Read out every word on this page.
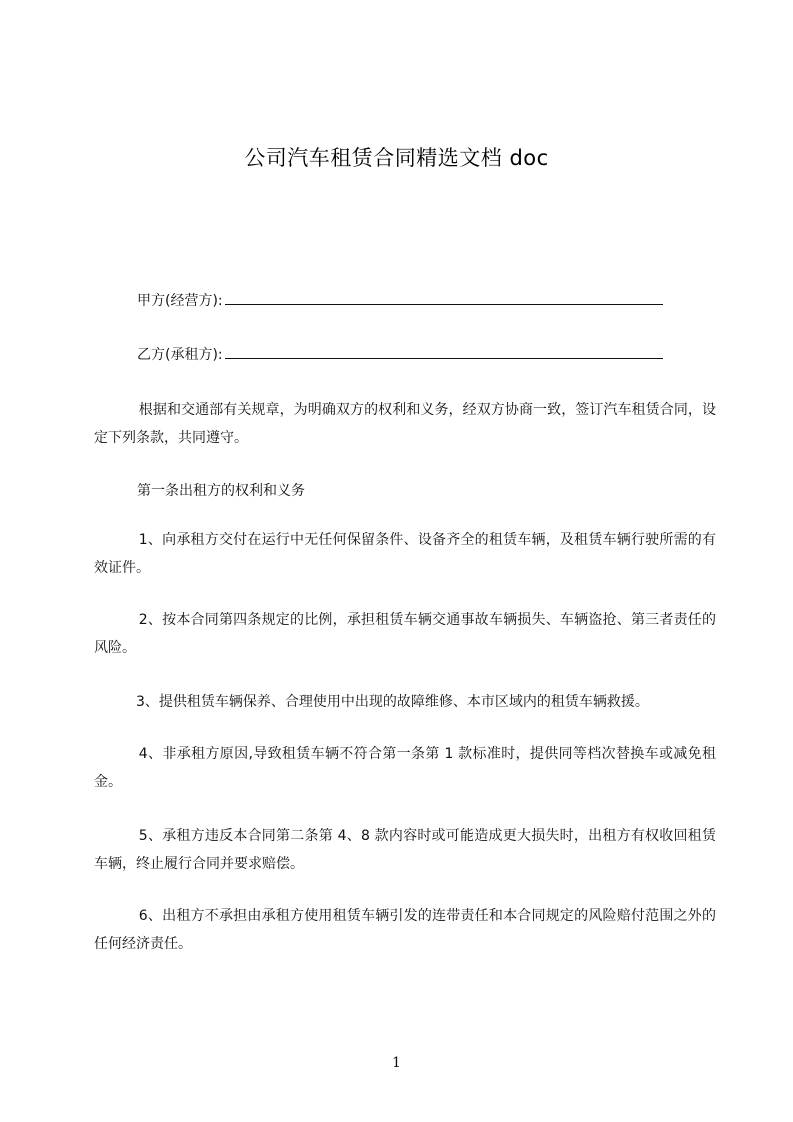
公司汽车租赁合同精选文档 doc
甲方(经营方):
乙方(承租方):
根据和交通部有关规章，为明确双方的权利和义务，经双方协商一致，签订汽车租赁合同，设定下列条款，共同遵守。
第一条出租方的权利和义务
1、向承租方交付在运行中无任何保留条件、设备齐全的租赁车辆，及租赁车辆行驶所需的有效证件。
2、按本合同第四条规定的比例，承担租赁车辆交通事故车辆损失、车辆盗抢、第三者责任的风险。
3、提供租赁车辆保养、合理使用中出现的故障维修、本市区域内的租赁车辆救援。
4、非承租方原因,导致租赁车辆不符合第一条第 1 款标准时，提供同等档次替换车或减免租金。
5、承租方违反本合同第二条第 4、8 款内容时或可能造成更大损失时，出租方有权收回租赁车辆，终止履行合同并要求赔偿。
6、出租方不承担由承租方使用租赁车辆引发的连带责任和本合同规定的风险赔付范围之外的任何经济责任。
1
